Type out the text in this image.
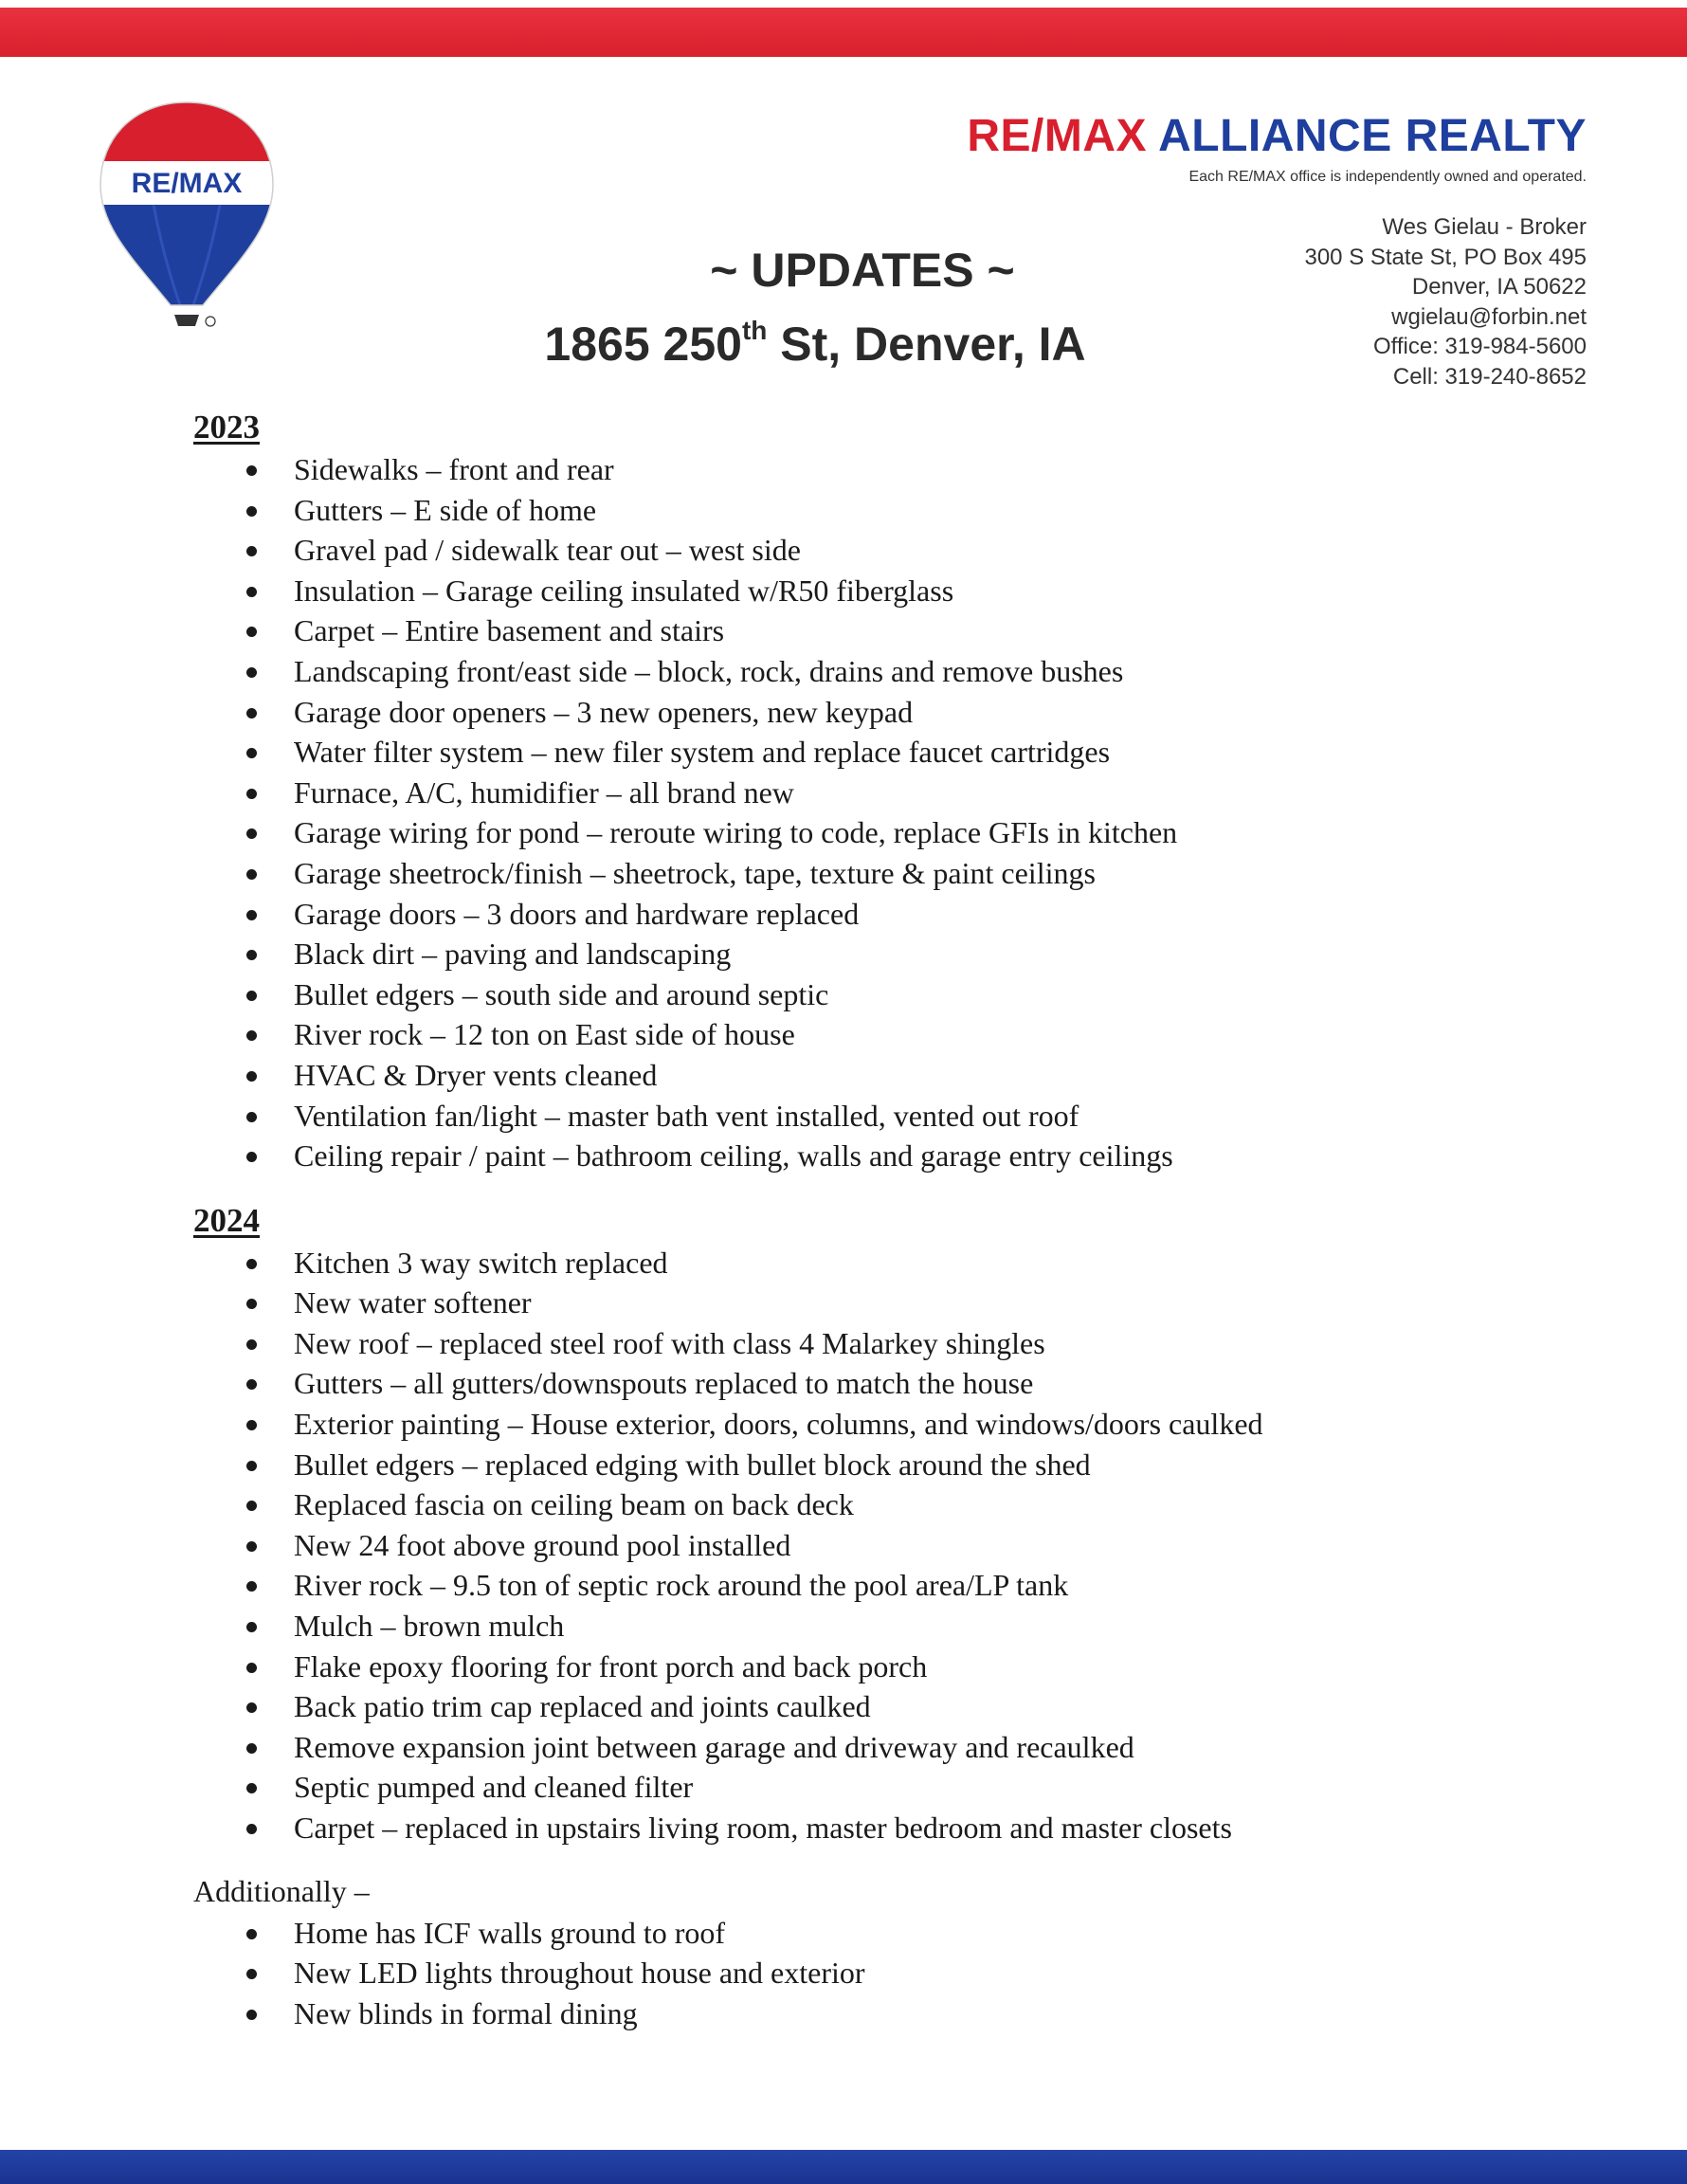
RE/MAX
RE/MAX ALLIANCE REALTY
Each RE/MAX office is independently owned and operated.
Wes Gielau - Broker
300 S State St, PO Box 495
Denver, IA 50622
wgielau@forbin.net
Office: 319-984-5600
Cell: 319-240-8652
~ UPDATES ~
1865 250th St, Denver, IA
2023
Sidewalks – front and rear
Gutters – E side of home
Gravel pad / sidewalk tear out – west side
Insulation – Garage ceiling insulated w/R50 fiberglass
Carpet – Entire basement and stairs
Landscaping front/east side – block, rock, drains and remove bushes
Garage door openers – 3 new openers, new keypad
Water filter system – new filer system and replace faucet cartridges
Furnace, A/C, humidifier – all brand new
Garage wiring for pond – reroute wiring to code, replace GFIs in kitchen
Garage sheetrock/finish – sheetrock, tape, texture & paint ceilings
Garage doors – 3 doors and hardware replaced
Black dirt – paving and landscaping
Bullet edgers – south side and around septic
River rock – 12 ton on East side of house
HVAC & Dryer vents cleaned
Ventilation fan/light – master bath vent installed, vented out roof
Ceiling repair / paint – bathroom ceiling, walls and garage entry ceilings
2024
Kitchen 3 way switch replaced
New water softener
New roof – replaced steel roof with class 4 Malarkey shingles
Gutters – all gutters/downspouts replaced to match the house
Exterior painting – House exterior, doors, columns, and windows/doors caulked
Bullet edgers – replaced edging with bullet block around the shed
Replaced fascia on ceiling beam on back deck
New 24 foot above ground pool installed
River rock – 9.5 ton of septic rock around the pool area/LP tank
Mulch – brown mulch
Flake epoxy flooring for front porch and back porch
Back patio trim cap replaced and joints caulked
Remove expansion joint between garage and driveway and recaulked
Septic pumped and cleaned filter
Carpet – replaced in upstairs living room, master bedroom and master closets
Additionally –
Home has ICF walls ground to roof
New LED lights throughout house and exterior
New blinds in formal dining
